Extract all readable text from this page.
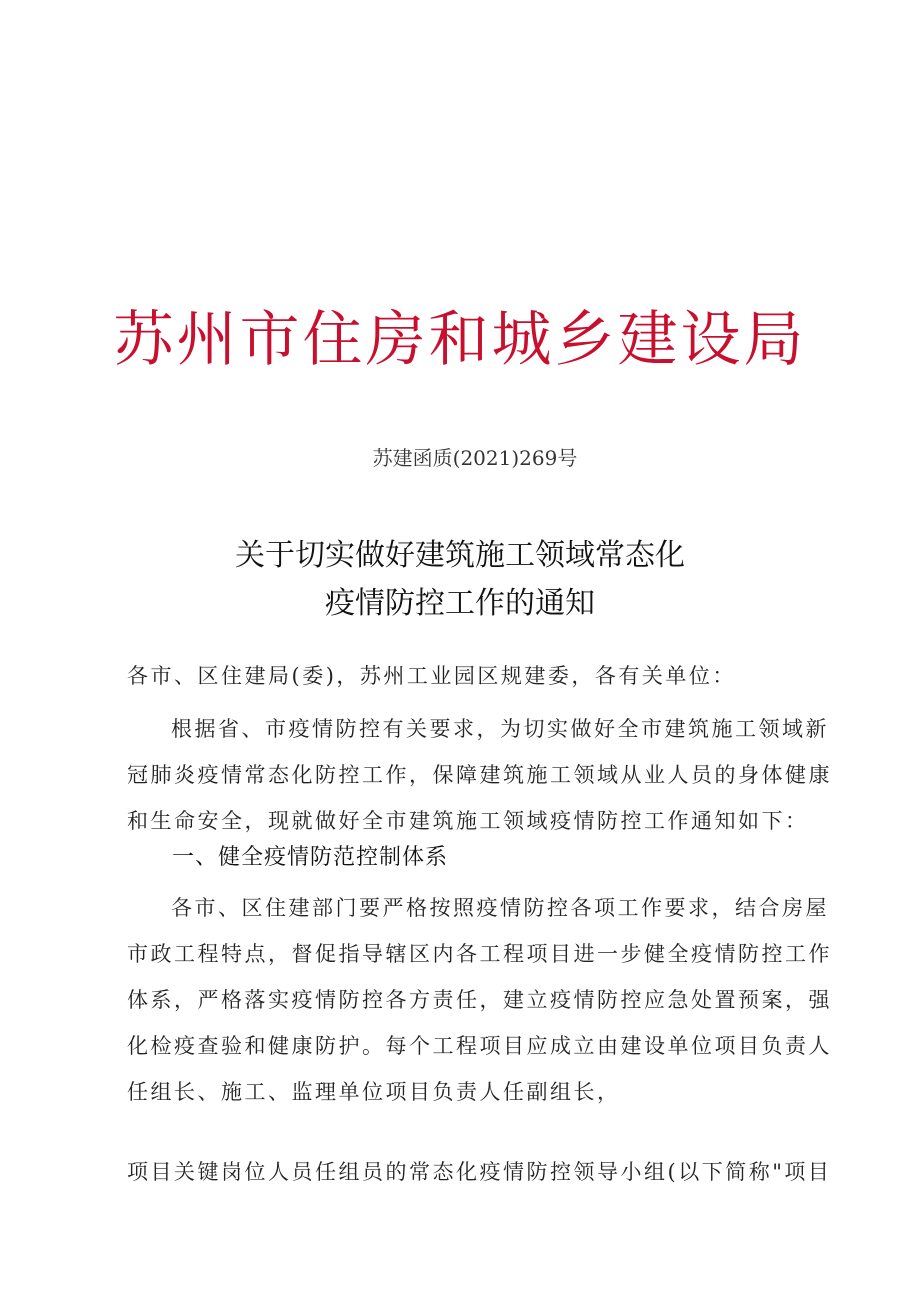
苏州市住房和城乡建设局
苏建函质(2021)269号
关于切实做好建筑施工领域常态化
疫情防控工作的通知
各市、区住建局(委)，苏州工业园区规建委，各有关单位：
根据省、市疫情防控有关要求，为切实做好全市建筑施工领域新
冠肺炎疫情常态化防控工作，保障建筑施工领域从业人员的身体健康
和生命安全，现就做好全市建筑施工领域疫情防控工作通知如下：
一、健全疫情防范控制体系
各市、区住建部门要严格按照疫情防控各项工作要求，结合房屋
市政工程特点，督促指导辖区内各工程项目进一步健全疫情防控工作
体系，严格落实疫情防控各方责任，建立疫情防控应急处置预案，强
化检疫查验和健康防护。每个工程项目应成立由建设单位项目负责人
任组长、施工、监理单位项目负责人任副组长，
项目关键岗位人员任组员的常态化疫情防控领导小组(以下简称"项目
